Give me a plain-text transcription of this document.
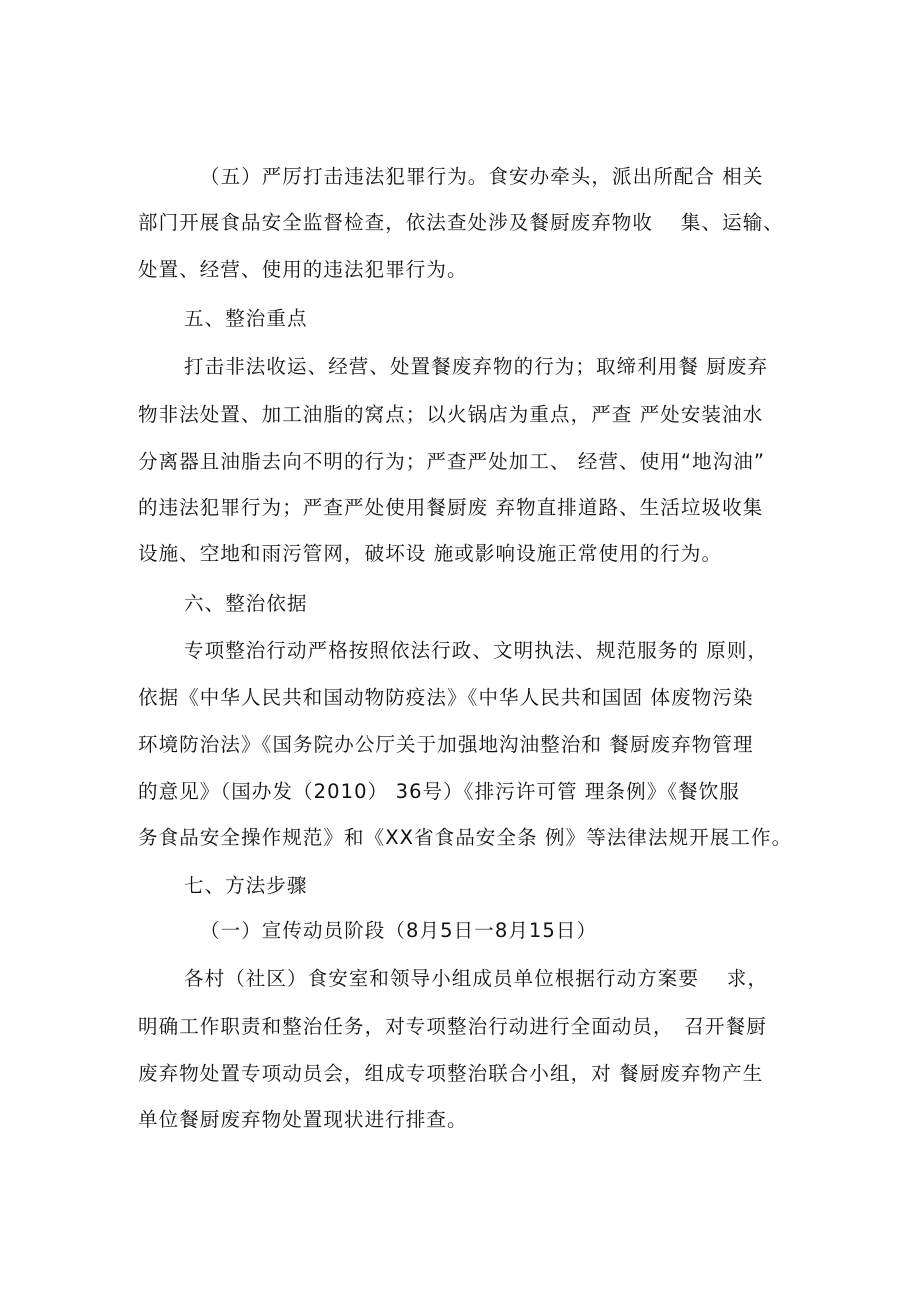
（五）严厉打击违法犯罪行为。食安办牵头，派出所配合 相关
部门开展食品安全监督检查，依法查处涉及餐厨废弃物收　 集、运输、
处置、经营、使用的违法犯罪行为。
五、整治重点
打击非法收运、经营、处置餐废弃物的行为；取缔利用餐 厨废弃
物非法处置、加工油脂的窝点；以火锅店为重点，严查 严处安装油水
分离器且油脂去向不明的行为；严查严处加工、 经营、使用“地沟油”
的违法犯罪行为；严查严处使用餐厨废 弃物直排道路、生活垃圾收集
设施、空地和雨污管网，破坏设 施或影响设施正常使用的行为。
六、整治依据
专项整治行动严格按照依法行政、文明执法、规范服务的 原则，
依据《中华人民共和国动物防疫法》《中华人民共和国固 体废物污染
环境防治法》《国务院办公厅关于加强地沟油整治和 餐厨废弃物管理
的意见》（国办发（2010） 36号）《排污许可管 理条例》《餐饮服
务食品安全操作规范》和《XX省食品安全条 例》等法律法规开展工作。
七、方法步骤
（一）宣传动员阶段（8月5日一8月15日）
各村（社区）食安室和领导小组成员单位根据行动方案要　 求，
明确工作职责和整治任务，对专项整治行动进行全面动员，　召开餐厨
废弃物处置专项动员会，组成专项整治联合小组，对 餐厨废弃物产生
单位餐厨废弃物处置现状进行排查。
